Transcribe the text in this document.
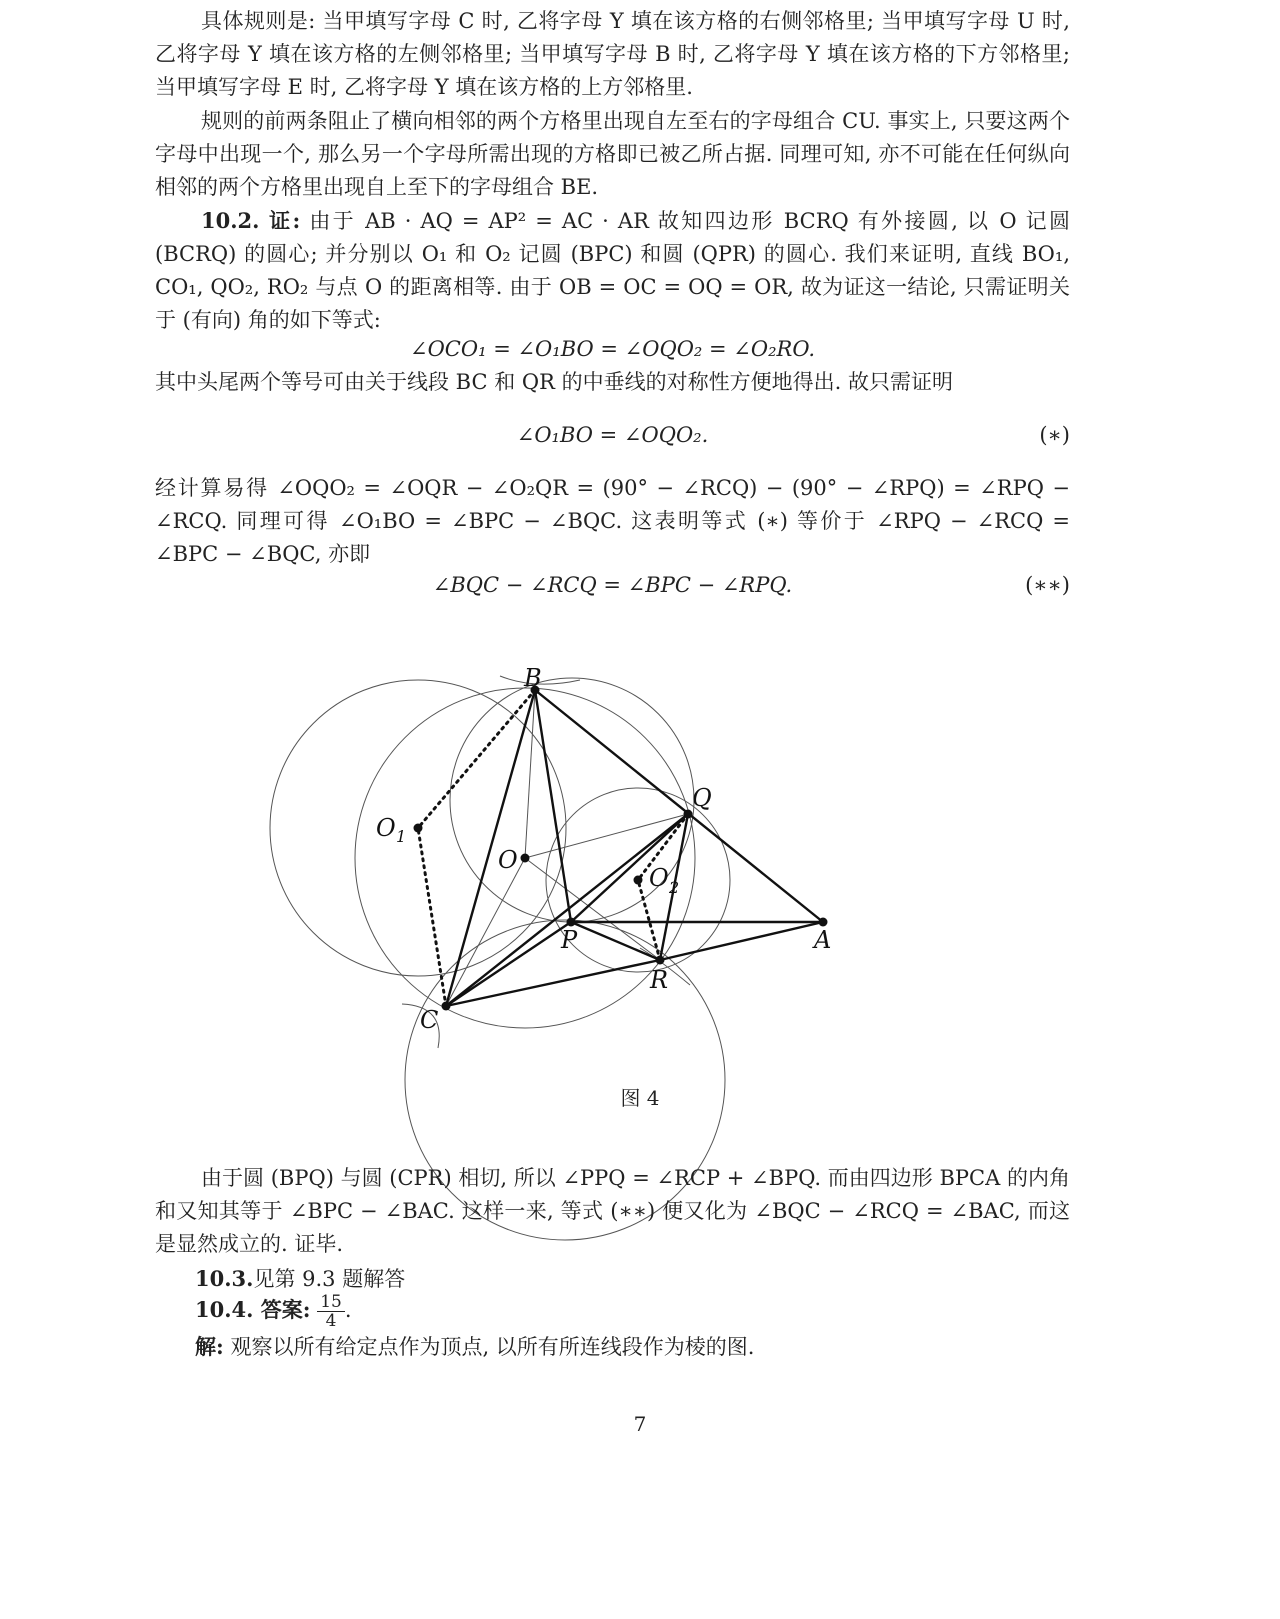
具体规则是: 当甲填写字母 C 时, 乙将字母 Y 填在该方格的右侧邻格里; 当甲填写字母 U 时, 乙将字母 Y 填在该方格的左侧邻格里; 当甲填写字母 B 时, 乙将字母 Y 填在该方格的下方邻格里; 当甲填写字母 E 时, 乙将字母 Y 填在该方格的上方邻格里.

规则的前两条阻止了横向相邻的两个方格里出现自左至右的字母组合 CU. 事实上, 只要这两个字母中出现一个, 那么另一个字母所需出现的方格即已被乙所占据. 同理可知, 亦不可能在任何纵向相邻的两个方格里出现自上至下的字母组合 BE.

10.2. 证: 由于 AB · AQ = AP² = AC · AR 故知四边形 BCRQ 有外接圆, 以 O 记圆 (BCRQ) 的圆心; 并分别以 O₁ 和 O₂ 记圆 (BPC) 和圆 (QPR) 的圆心. 我们来证明, 直线 BO₁, CO₁, QO₂, RO₂ 与点 O 的距离相等. 由于 OB = OC = OQ = OR, 故为证这一结论, 只需证明关于 (有向) 角的如下等式:

∠OCO₁ = ∠O₁BO = ∠OQO₂ = ∠O₂RO.

其中头尾两个等号可由关于线段 BC 和 QR 的中垂线的对称性方便地得出. 故只需证明

∠O₁BO = ∠OQO₂.	(∗)

经计算易得 ∠OQO₂ = ∠OQR − ∠O₂QR = (90° − ∠RCQ) − (90° − ∠RPQ) = ∠RPQ − ∠RCQ. 同理可得 ∠O₁BO = ∠BPC − ∠BQC. 这表明等式 (∗) 等价于 ∠RPQ − ∠RCQ = ∠BPC − ∠BQC, 亦即

∠BQC − ∠RCQ = ∠BPC − ∠RPQ.	(∗∗)
B
Q
O 1
O
O 2
P	A
R
C
图 4

由于圆 (BPQ) 与圆 (CPR) 相切, 所以 ∠PPQ = ∠RCP + ∠BPQ. 而由四边形 BPCA 的内角和又知其等于 ∠BPC − ∠BAC. 这样一来, 等式 (∗∗) 便又化为 ∠BQC − ∠RCQ = ∠BAC, 而这是显然成立的. 证毕.

10.3.见第 9.3 题解答

10.4. 答案: $\frac{15}{4}$ .

解: 观察以所有给定点作为顶点, 以所有所连线段作为棱的图.

7
